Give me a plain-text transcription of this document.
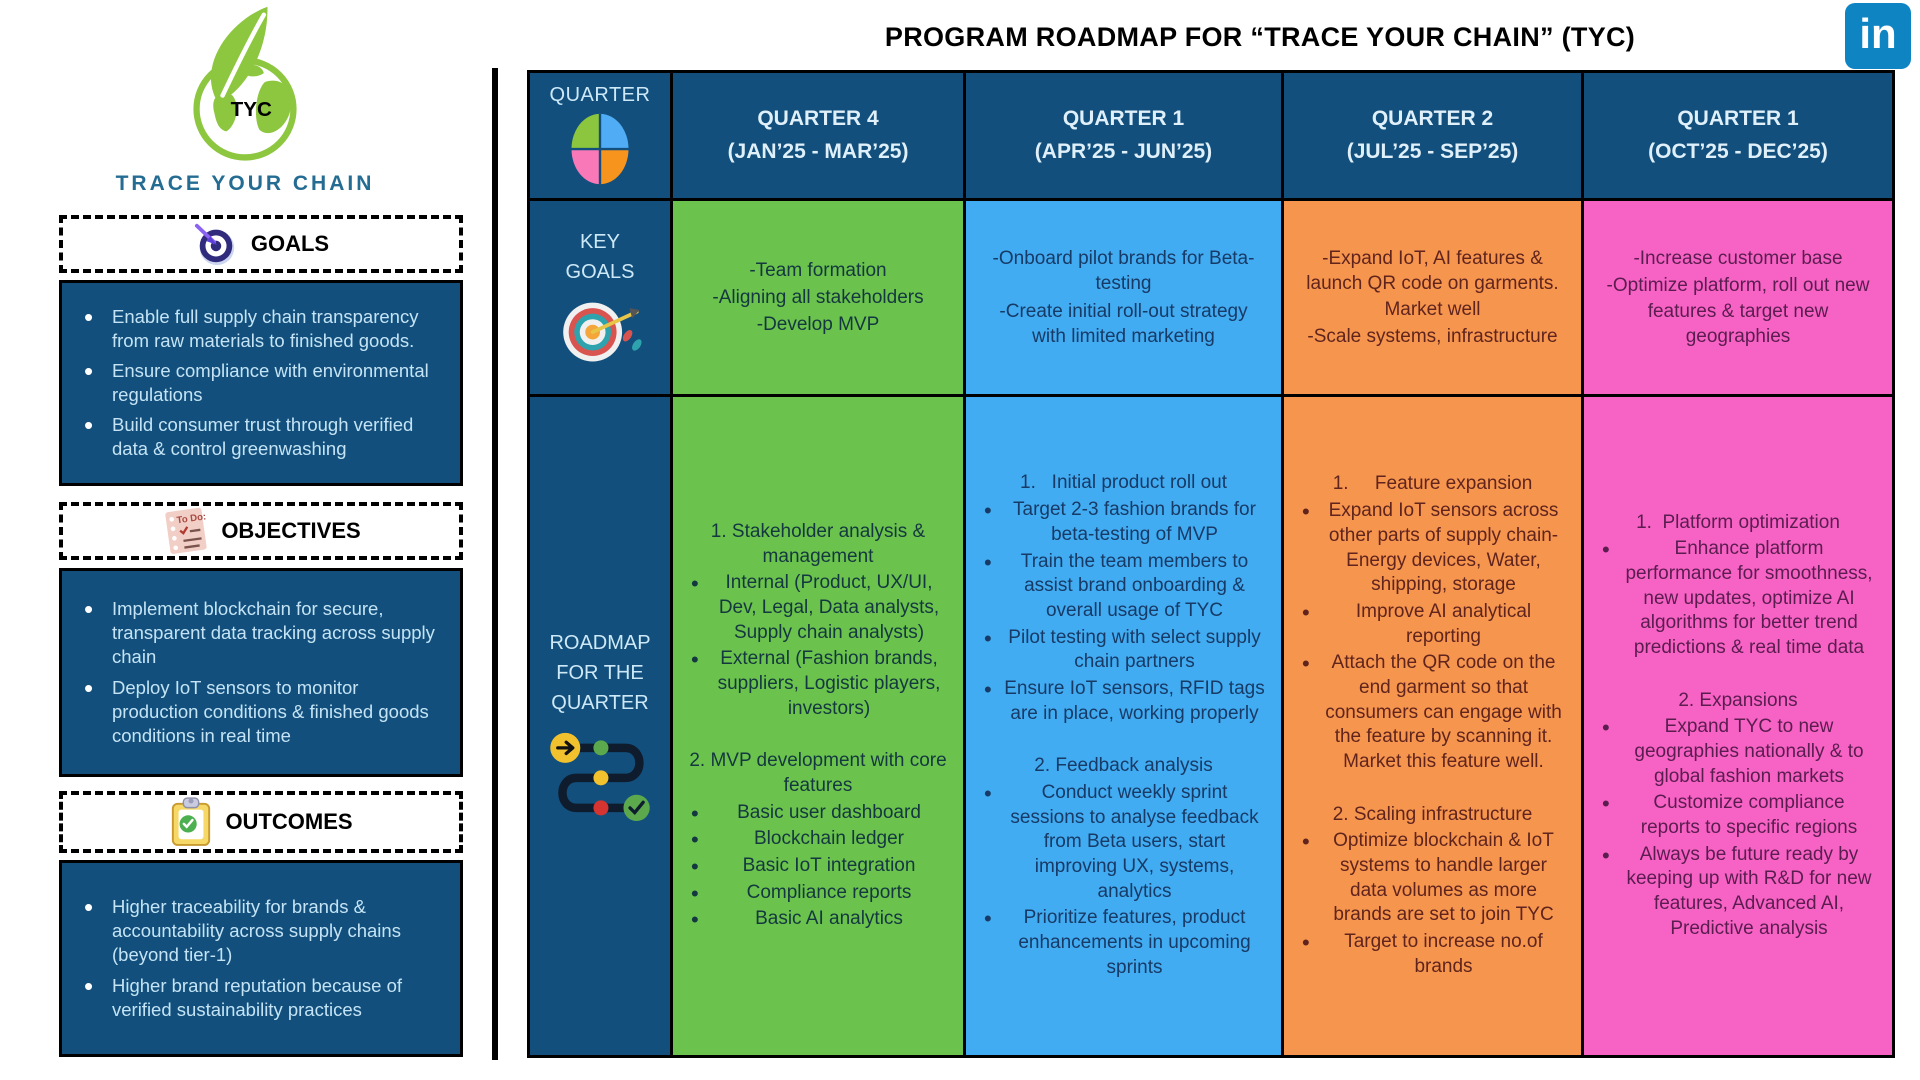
TYC
TRACE YOUR CHAIN
PROGRAM ROADMAP FOR “TRACE YOUR CHAIN” (TYC)	in
GOALS
• Enable full supply chain transparency from raw materials to finished goods.
• Ensure compliance with environmental regulations
• Build consumer trust through verified data & control greenwashing
To Do: OBJECTIVES
• Implement blockchain for secure, transparent data tracking across supply chain
• Deploy IoT sensors to monitor production conditions & finished goods conditions in real time
OUTCOMES
• Higher traceability for brands & accountability across supply chains (beyond tier-1)
• Higher brand reputation because of verified sustainability practices
QUARTER
QUARTER 4
(JAN’25 - MAR’25)
QUARTER 1
(APR’25 - JUN’25)
QUARTER 2
(JUL’25 - SEP’25)
QUARTER 1
(OCT’25 - DEC’25)
KEY
GOALS	-Team formation
-Aligning all stakeholders
-Develop MVP
-Onboard pilot brands for Beta-testing
-Create initial roll-out strategy with limited marketing
-Expand IoT, AI features & launch QR code on garments. Market well
-Scale systems, infrastructure
-Increase customer base
-Optimize platform, roll out new features & target new geographies
ROADMAP
FOR THE
QUARTER
1. Stakeholder analysis & management
• Internal (Product, UX/UI, Dev, Legal, Data analysts, Supply chain analysts)
• External (Fashion brands, suppliers, Logistic players, investors)
2. MVP development with core features
• Basic user dashboard
• Blockchain ledger
• Basic IoT integration
• Compliance reports
• Basic AI analytics
1.   Initial product roll out
• Target 2-3 fashion brands for beta-testing of MVP
• Train the team members to assist brand onboarding & overall usage of TYC
• Pilot testing with select supply chain partners
• Ensure IoT sensors, RFID tags are in place, working properly
2. Feedback analysis
• Conduct weekly sprint sessions to analyse feedback from Beta users, start improving UX, systems, analytics
• Prioritize features, product enhancements in upcoming sprints
1.     Feature expansion
• Expand IoT sensors across other parts of supply chain- Energy devices, Water, shipping, storage
• Improve AI analytical reporting
• Attach the QR code on the end garment so that consumers can engage with the feature by scanning it. Market this feature well.
2. Scaling infrastructure
• Optimize blockchain & IoT systems to handle larger data volumes as more brands are set to join TYC
• Target to increase no.of brands
1.  Platform optimization
• Enhance platform performance for smoothness, new updates, optimize AI algorithms for better trend predictions & real time data
2. Expansions
• Expand TYC to new geographies nationally & to global fashion markets
• Customize compliance reports to specific regions
• Always be future ready by keeping up with R&D for new features, Advanced AI, Predictive analysis
